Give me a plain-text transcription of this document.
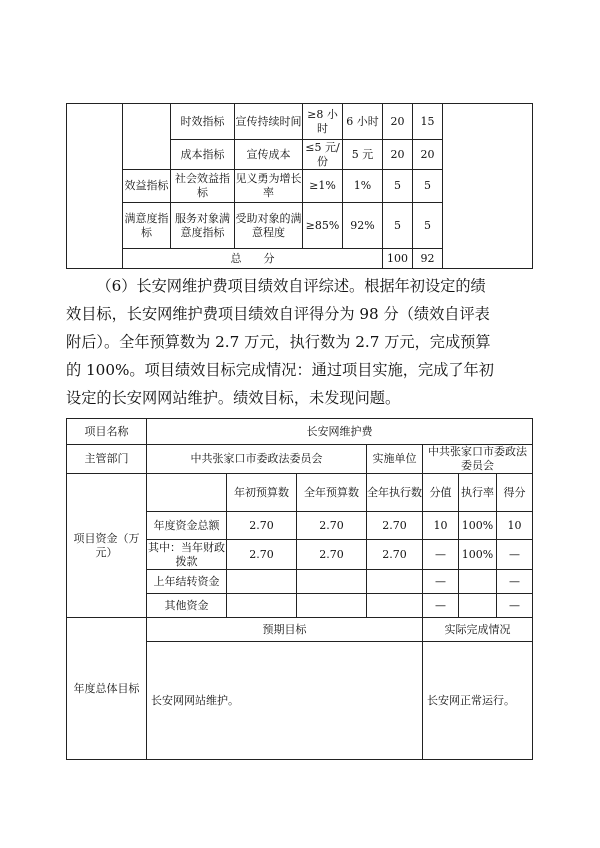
		时效指标	宣传持续时间	≥8 小时	6 小时	20	15	
		成本指标	宣传成本	≤5 元/份	5 元	20	20	
	效益指标	社会效益指标	见义勇为增长率	≥1%	1%	5	5	
	满意度指标	服务对象满意度指标	受助对象的满意程度	≥85%	92%	5	5	
	总　　分					100	92	
（6）长安网维护费项目绩效自评综述。根据年初设定的绩
效目标，长安网维护费项目绩效自评得分为 98 分（绩效自评表
附后）。全年预算数为 2.7 万元，执行数为 2.7 万元，完成预算
的 100%。项目绩效目标完成情况：通过项目实施，完成了年初
设定的长安网网站维护。绩效目标，未发现问题。
项目名称	长安网维护费						
主管部门	中共张家口市委政法委员会			实施单位	中共张家口市委政法委员会		
项目资金（万元）		年初预算数	全年预算数	全年执行数	分值	执行率	得分
	年度资金总额	2.70	2.70	2.70	10	100%	10
	其中：当年财政拨款	2.70	2.70	2.70	—	100%	—
	上年结转资金				—		—
	其他资金				—		—
年度总体目标	预期目标				实际完成情况		
	长安网网站维护。				长安网正常运行。		
